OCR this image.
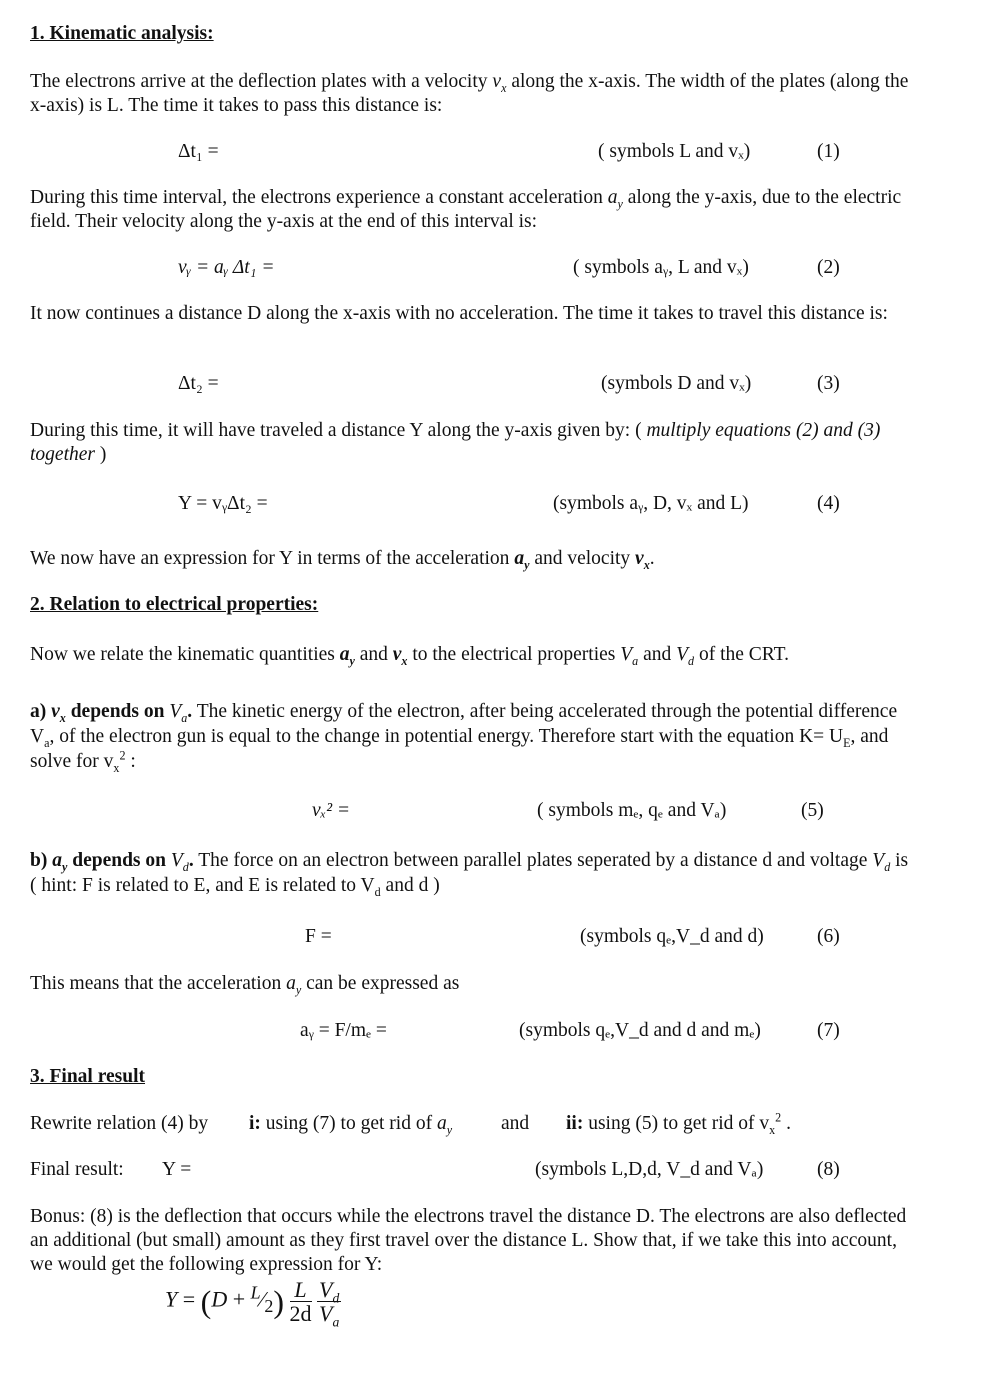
1. Kinematic analysis:
The electrons arrive at the deflection plates with a velocity $v_x$ along the x-axis. The width of the plates (along the x-axis) is L. The time it takes to pass this distance is:
Δt₁ =	( symbols L and vₓ)	(1)
During this time interval, the electrons experience a constant acceleration $a_y$ along the y-axis, due to the electric field. Their velocity along the y-axis at the end of this interval is:
vᵧ = aᵧ Δt₁ =	( symbols aᵧ, L and vₓ)	(2)
It now continues a distance D along the x-axis with no acceleration. The time it takes to travel this distance is:
Δt₂ =	(symbols D and vₓ)	(3)
During this time, it will have traveled a distance Y along the y-axis given by: ( multiply equations (2) and (3) together )
Y = vᵧΔt₂ =	(symbols aᵧ, D, vₓ and L)	(4)
We now have an expression for Y in terms of the acceleration $a_y$ and velocity $v_x$.
2. Relation to electrical properties:
Now we relate the kinematic quantities $a_y$ and $v_x$ to the electrical properties $V_a$ and $V_d$ of the CRT.
a) $v_x$ depends on $V_a$. The kinetic energy of the electron, after being accelerated through the potential difference $V_a$, of the electron gun is equal to the change in potential energy. Therefore start with the equation $K= U_E$, and solve for $v_x^2$ :
vₓ² =	( symbols mₑ, qₑ and Vₐ)	(5)
b) $a_y$ depends on $V_d$. The force on an electron between parallel plates seperated by a distance d and voltage $V_d$ is ( hint: F is related to E, and E is related to $V_d$ and d )
F =	(symbols qₑ,V_d and d)	(6)
This means that the acceleration $a_y$ can be expressed as
aᵧ = F/mₑ =	(symbols qₑ,V_d and d and mₑ)	(7)
3. Final result
Rewrite relation (4) by i: using (7) to get rid of $a_y$	and ii: using (5) to get rid of $v_x^2$ .
Final result: Y =	(symbols L,D,d, V_d and Vₐ)	(8)
Bonus: (8) is the deflection that occurs while the electrons travel the distance D. The electrons are also deflected an additional (but small) amount as they first travel over the distance L. Show that, if we take this into account, we would get the following expression for Y:
$Y = (D + ^L⁄_2) \frac{L}{2d}$
$\frac{V_d}{V_a}$
